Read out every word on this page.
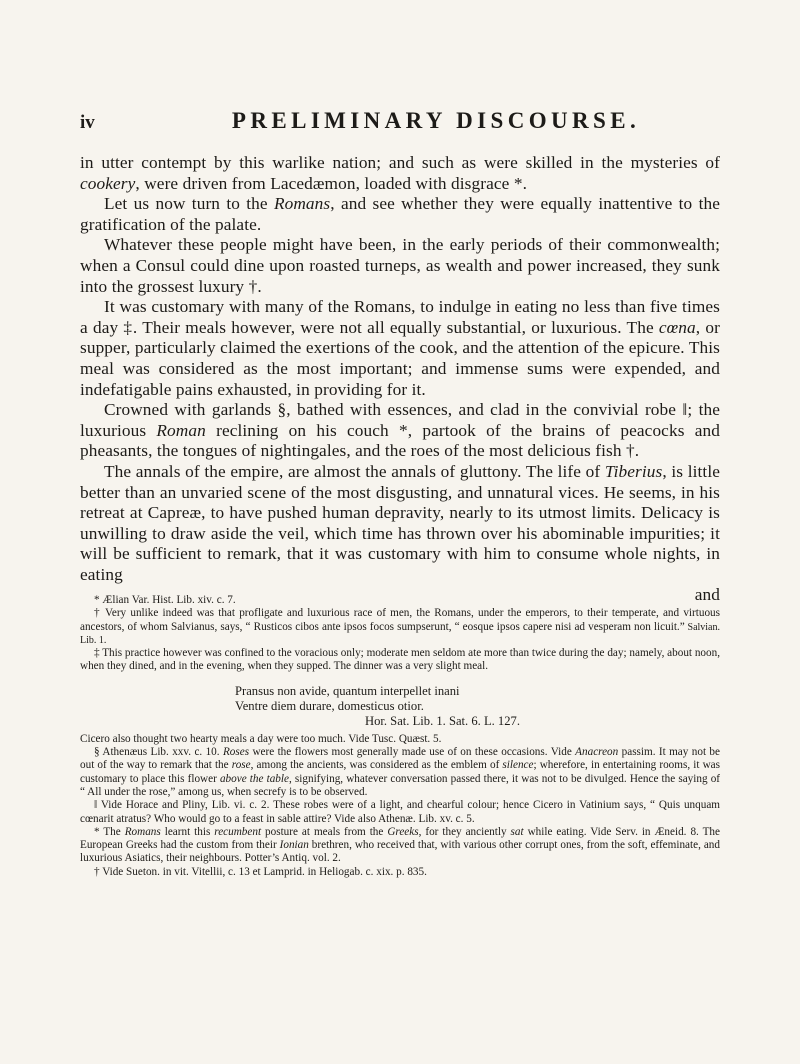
iv	PRELIMINARY DISCOURSE.

in utter contempt by this warlike nation; and such as were skilled in the mysteries of cookery, were driven from Lacedæmon, loaded with disgrace *.

Let us now turn to the Romans, and see whether they were equally inattentive to the gratification of the palate.

Whatever these people might have been, in the early periods of their commonwealth; when a Consul could dine upon roasted turneps, as wealth and power increased, they sunk into the grossest luxury †.

It was customary with many of the Romans, to indulge in eating no less than five times a day ‡. Their meals however, were not all equally substantial, or luxurious. The cœna, or supper, particularly claimed the exertions of the cook, and the attention of the epicure. This meal was considered as the most important; and immense sums were expended, and indefatigable pains exhausted, in providing for it.

Crowned with garlands §, bathed with essences, and clad in the convivial robe ‖; the luxurious Roman reclining on his couch *, partook of the brains of peacocks and pheasants, the tongues of nightingales, and the roes of the most delicious fish †.

The annals of the empire, are almost the annals of gluttony. The life of Tiberius, is little better than an unvaried scene of the most disgusting, and unnatural vices. He seems, in his retreat at Capreæ, to have pushed human depravity, nearly to its utmost limits. Delicacy is unwilling to draw aside the veil, which time has thrown over his abominable impurities; it will be sufficient to remark, that it was customary with him to consume whole nights, in eating

and

* Ælian Var. Hist. Lib. xiv. c. 7.

† Very unlike indeed was that profligate and luxurious race of men, the Romans, under the emperors, to their temperate, and virtuous ancestors, of whom Salvianus, says, “ Rusticos cibos ante ipsos focos sumpserunt, “ eosque ipsos capere nisi ad vesperam non licuit.” Salvian. Lib. 1.

‡ This practice however was confined to the voracious only; moderate men seldom ate more than twice during the day; namely, about noon, when they dined, and in the evening, when they supped. The dinner was a very slight meal.

Pransus non avide, quantum interpellet inani
Ventre diem durare, domesticus otior.
Hor. Sat. Lib. 1. Sat. 6. L. 127.

Cicero also thought two hearty meals a day were too much. Vide Tusc. Quæst. 5.

§ Athenæus Lib. xxv. c. 10. Roses were the flowers most generally made use of on these occasions. Vide Anacreon passim. It may not be out of the way to remark that the rose, among the ancients, was considered as the emblem of silence; wherefore, in entertaining rooms, it was customary to place this flower above the table, signifying, whatever conversation passed there, it was not to be divulged. Hence the saying of “ All under the rose,” among us, when secrefy is to be observed.

‖ Vide Horace and Pliny, Lib. vi. c. 2. These robes were of a light, and chearful colour; hence Cicero in Vatinium says, “ Quis unquam cœnarit atratus? Who would go to a feast in sable attire? Vide also Athenæ. Lib. xv. c. 5.

* The Romans learnt this recumbent posture at meals from the Greeks, for they anciently sat while eating. Vide Serv. in Æneid. 8. The European Greeks had the custom from their Ionian brethren, who received that, with various other corrupt ones, from the soft, effeminate, and luxurious Asiatics, their neighbours. Potter’s Antiq. vol. 2.

† Vide Sueton. in vit. Vitellii, c. 13 et Lamprid. in Heliogab. c. xix. p. 835.
